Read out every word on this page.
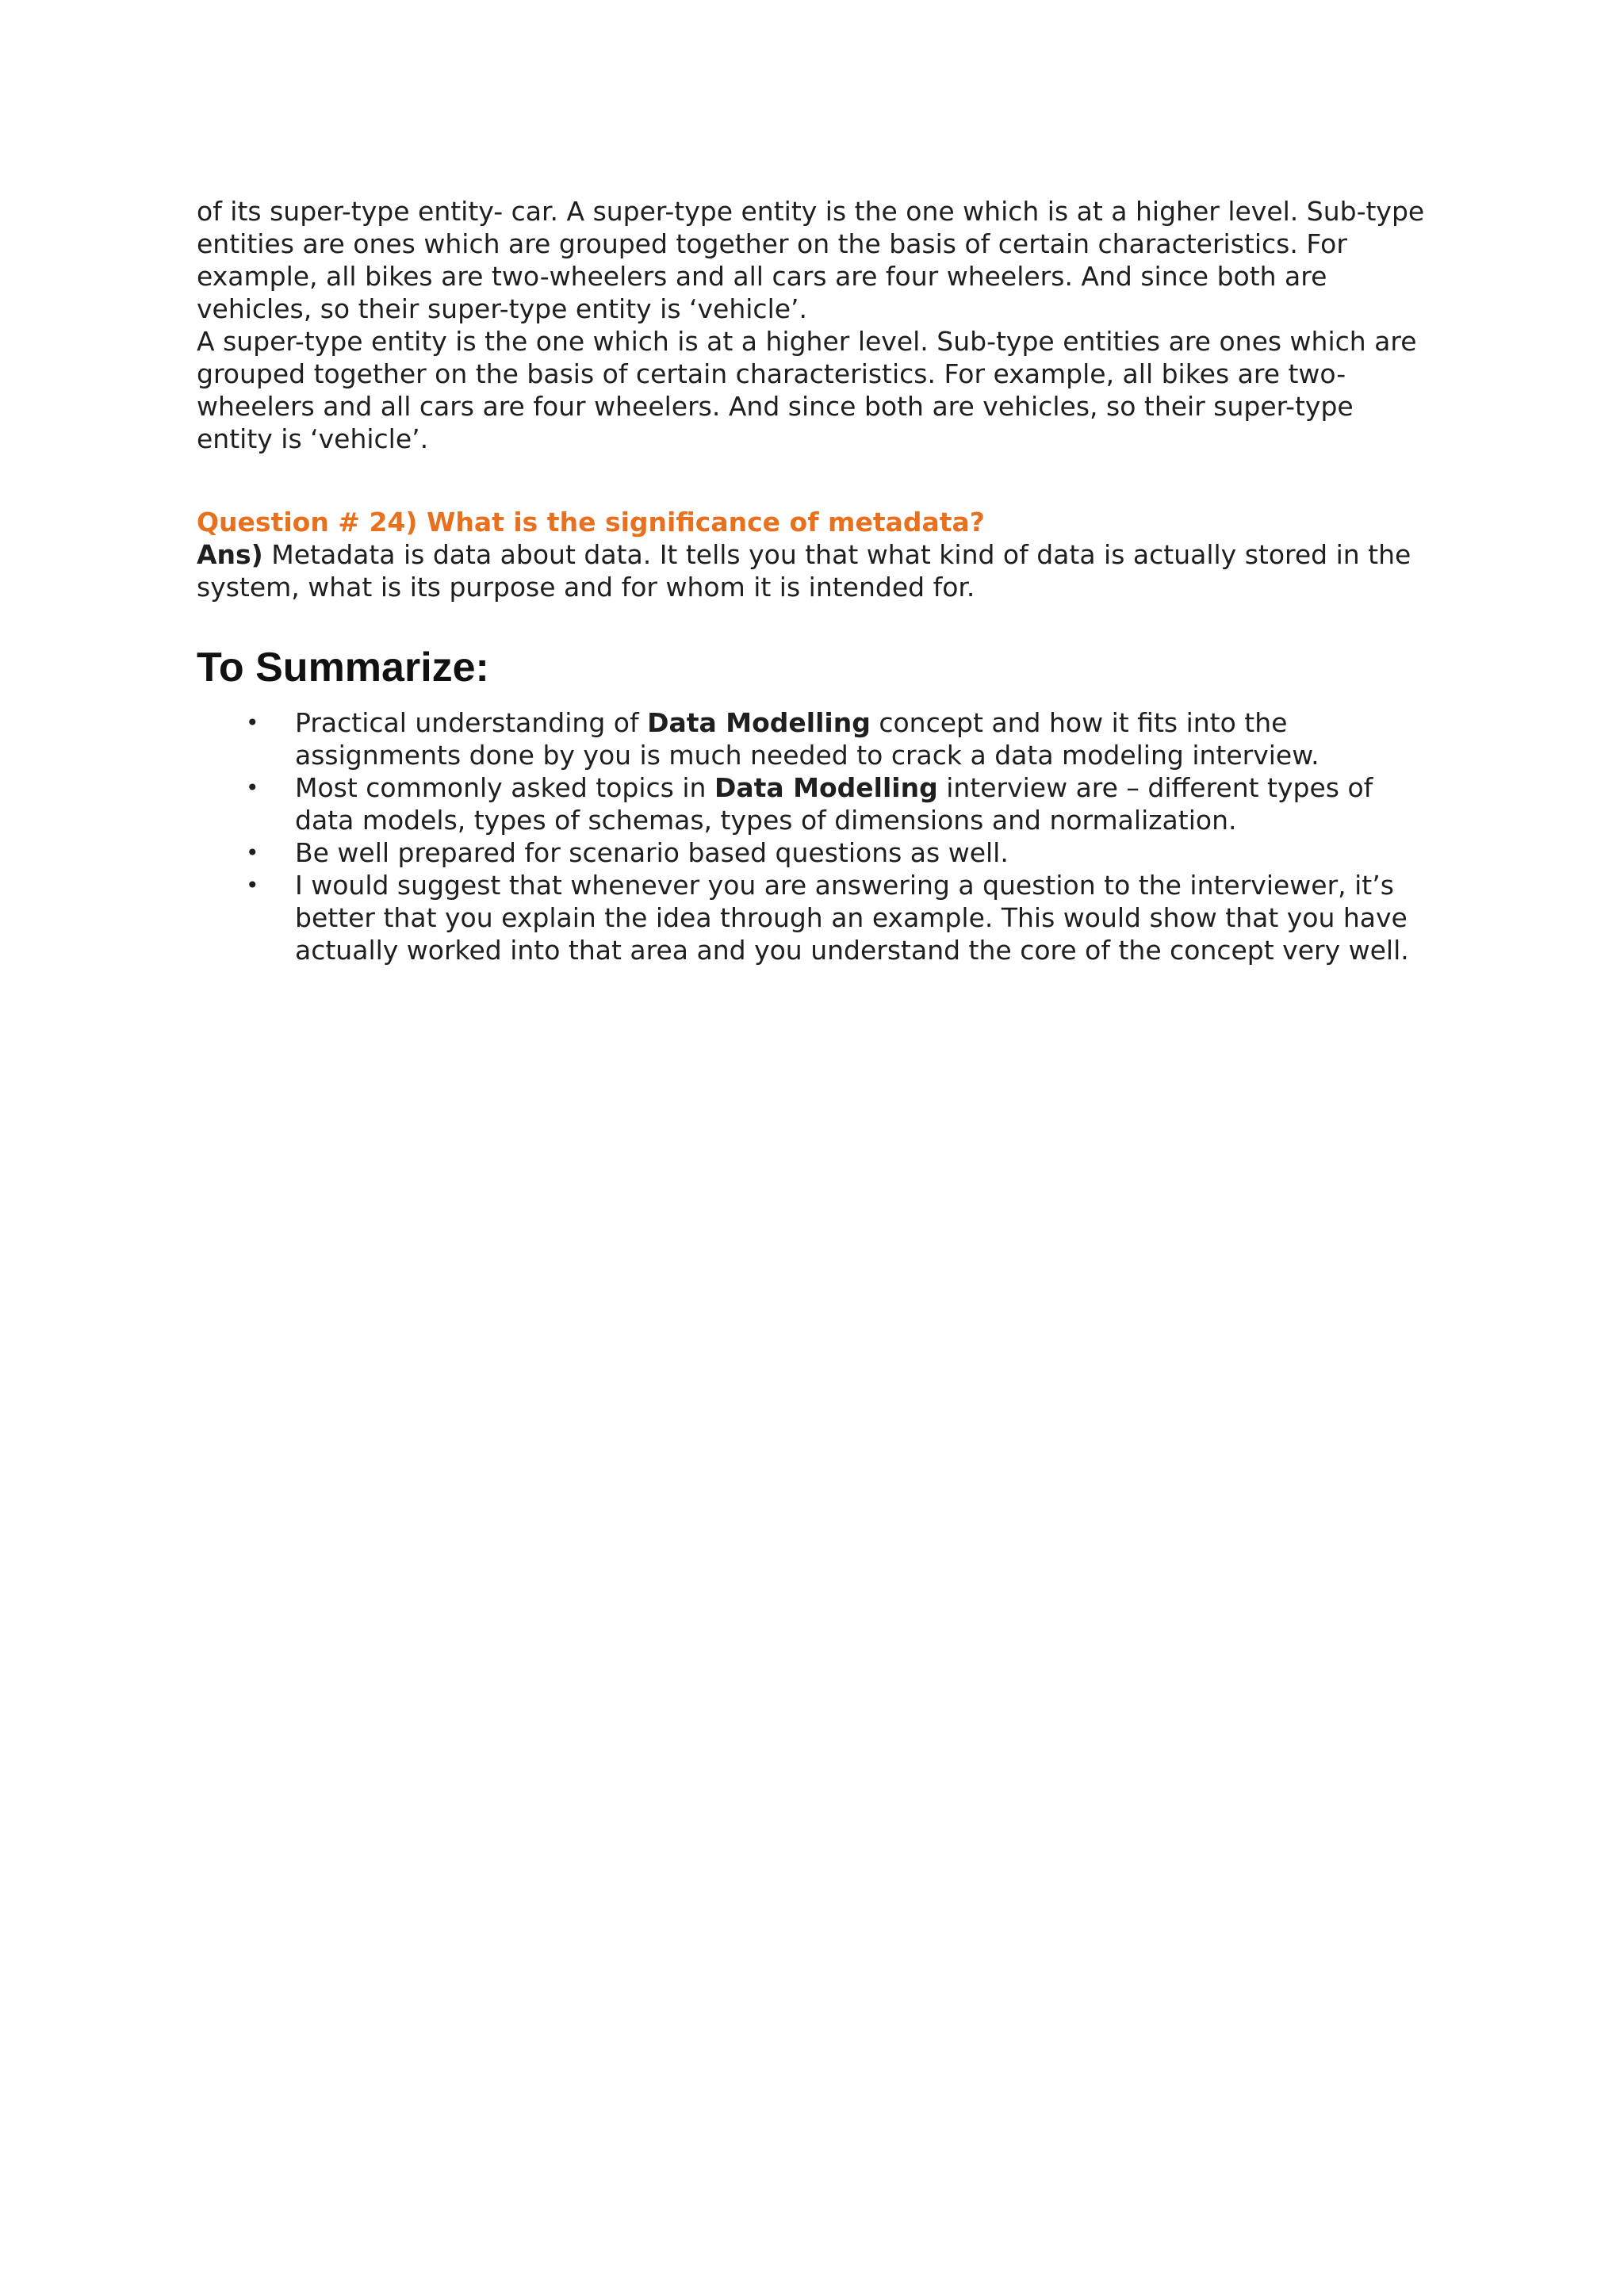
of its super-type entity- car. A super-type entity is the one which is at a higher level. Sub-type entities are ones which are grouped together on the basis of certain characteristics. For example, all bikes are two-wheelers and all cars are four wheelers. And since both are vehicles, so their super-type entity is ‘vehicle’.

A super-type entity is the one which is at a higher level. Sub-type entities are ones which are grouped together on the basis of certain characteristics. For example, all bikes are two-wheelers and all cars are four wheelers. And since both are vehicles, so their super-type entity is ‘vehicle’.

Question # 24) What is the significance of metadata?

Ans) Metadata is data about data. It tells you that what kind of data is actually stored in the system, what is its purpose and for whom it is intended for.

To Summarize:
• Practical understanding of Data Modelling concept and how it fits into the assignments done by you is much needed to crack a data modeling interview.
• Most commonly asked topics in Data Modelling interview are – different types of data models, types of schemas, types of dimensions and normalization.
• Be well prepared for scenario based questions as well.
• I would suggest that whenever you are answering a question to the interviewer, it’s better that you explain the idea through an example. This would show that you have actually worked into that area and you understand the core of the concept very well.
